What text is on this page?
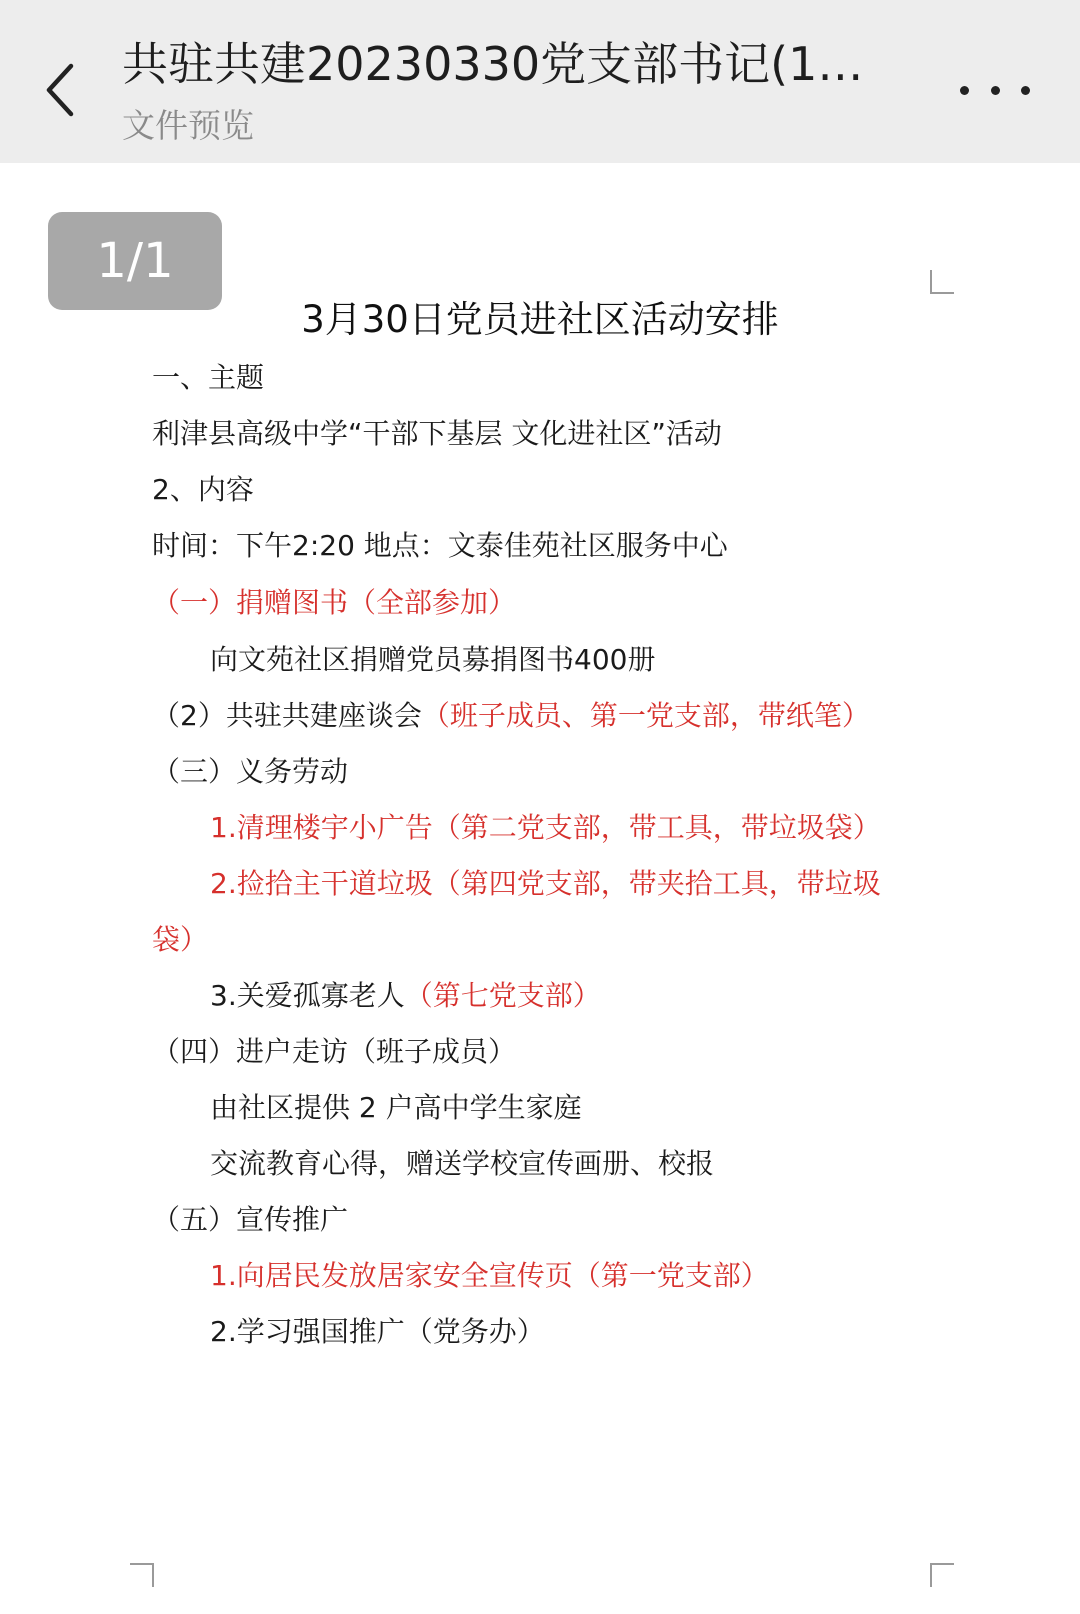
共驻共建20230330党支部书记(1…
文件预览
1/1
3月30日党员进社区活动安排
一、主题
利津县高级中学“干部下基层 文化进社区”活动
2、内容
时间：下午2:20 地点：文泰佳苑社区服务中心
（一）捐赠图书（全部参加）
向文苑社区捐赠党员募捐图书400册
（2）共驻共建座谈会（班子成员、第一党支部，带纸笔）
（三）义务劳动
1.清理楼宇小广告（第二党支部，带工具，带垃圾袋）
2.捡拾主干道垃圾（第四党支部，带夹拾工具，带垃圾
袋）
3.关爱孤寡老人（第七党支部）
（四）进户走访（班子成员）
由社区提供 2 户高中学生家庭
交流教育心得，赠送学校宣传画册、校报
（五）宣传推广
1.向居民发放居家安全宣传页（第一党支部）
2.学习强国推广（党务办）
